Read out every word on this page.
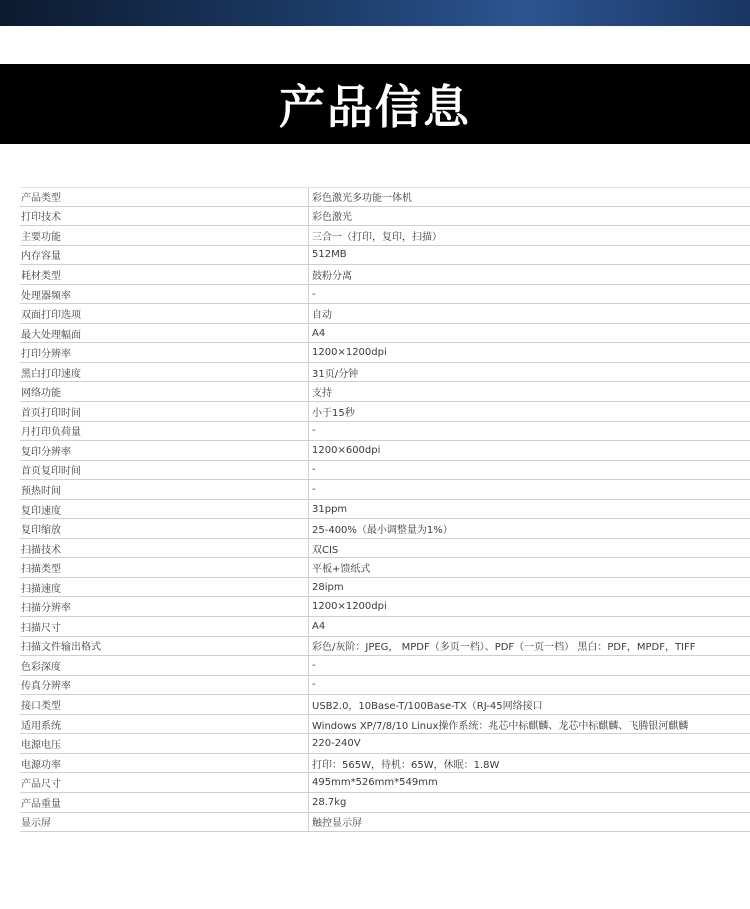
产品信息
产品类型	彩色激光多功能一体机
打印技术	彩色激光
主要功能	三合一（打印，复印，扫描）
内存容量	512MB
耗材类型	鼓粉分离
处理器频率	-
双面打印选项	自动
最大处理幅面	A4
打印分辨率	1200×1200dpi
黑白打印速度	31页/分钟
网络功能	支持
首页打印时间	小于15秒
月打印负荷量	-
复印分辨率	1200×600dpi
首页复印时间	-
预热时间	-
复印速度	31ppm
复印缩放	25-400%（最小调整量为1%）
扫描技术	双CIS
扫描类型	平板+馈纸式
扫描速度	28ipm
扫描分辨率	1200×1200dpi
扫描尺寸	A4
扫描文件输出格式	彩色/灰阶：JPEG， MPDF（多页一档）、PDF（一页一档） 黑白：PDF，MPDF，TIFF
色彩深度	-
传真分辨率	-
接口类型	USB2.0，10Base-T/100Base-TX（RJ-45网络接口
适用系统	Windows XP/7/8/10 Linux操作系统：兆芯中标麒麟、龙芯中标麒麟、飞腾银河麒麟
电源电压	220-240V
电源功率	打印：565W，待机：65W，休眠：1.8W
产品尺寸	495mm*526mm*549mm
产品重量	28.7kg
显示屏	触控显示屏
